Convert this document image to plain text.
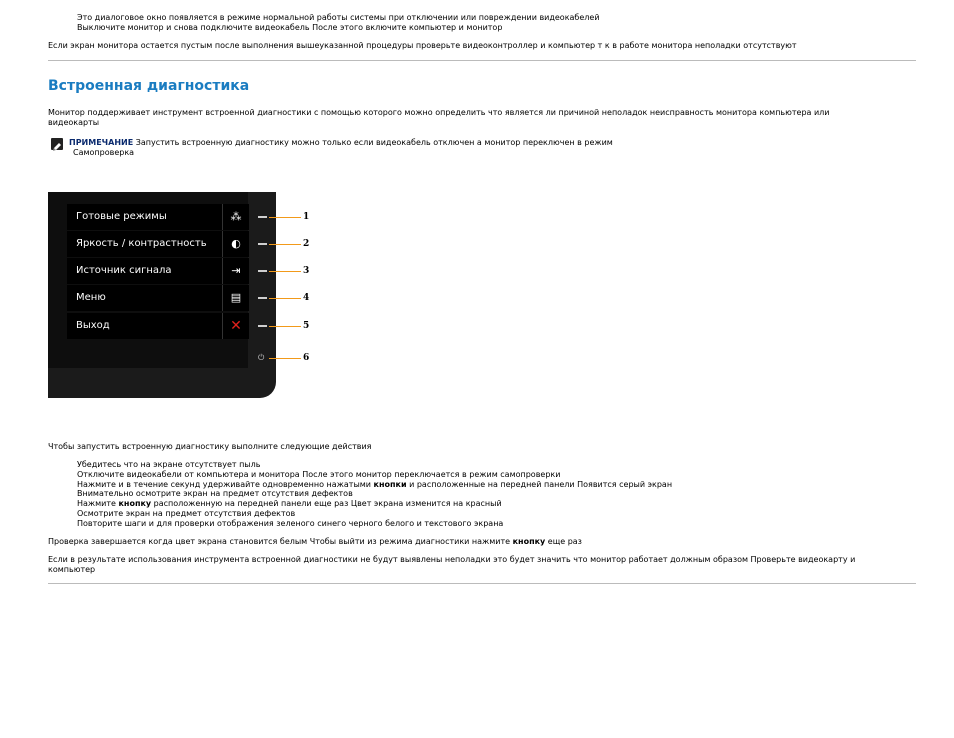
Это диалоговое окно появляется в режиме нормальной работы системы при отключении или повреждении видеокабелей
Выключите монитор и снова подключите видеокабель После этого включите компьютер и монитор
Если экран монитора остается пустым после выполнения вышеуказанной процедуры проверьте видеоконтроллер и компьютер т к в работе монитора неполадки отсутствуют
Встроенная диагностика
Монитор поддерживает инструмент встроенной диагностики с помощью которого можно определить что является ли причиной неполадок неисправность монитора компьютера или
видеокарты
ПРИМЕЧАНИЕ Запустить встроенную диагностику можно только если видеокабель отключен а монитор переключен в режим
Самопроверка
Готовые режимы	⁂
Яркость / контрастность	◐
Источник сигнала	⇥
Меню	▤
Выход	✕
⏻
1
2
3
4
5
6
Чтобы запустить встроенную диагностику выполните следующие действия
Убедитесь что на экране отсутствует пыль
Отключите видеокабели от компьютера и монитора После этого монитор переключается в режим самопроверки
Нажмите и в течение секунд удерживайте одновременно нажатыми кнопки и расположенные на передней панели Появится серый экран
Внимательно осмотрите экран на предмет отсутствия дефектов
Нажмите кнопку расположенную на передней панели еще раз Цвет экрана изменится на красный
Осмотрите экран на предмет отсутствия дефектов
Повторите шаги и для проверки отображения зеленого синего черного белого и текстового экрана
Проверка завершается когда цвет экрана становится белым Чтобы выйти из режима диагностики нажмите кнопку еще раз
Если в результате использования инструмента встроенной диагностики не будут выявлены неполадки это будет значить что монитор работает должным образом Проверьте видеокарту и
компьютер
